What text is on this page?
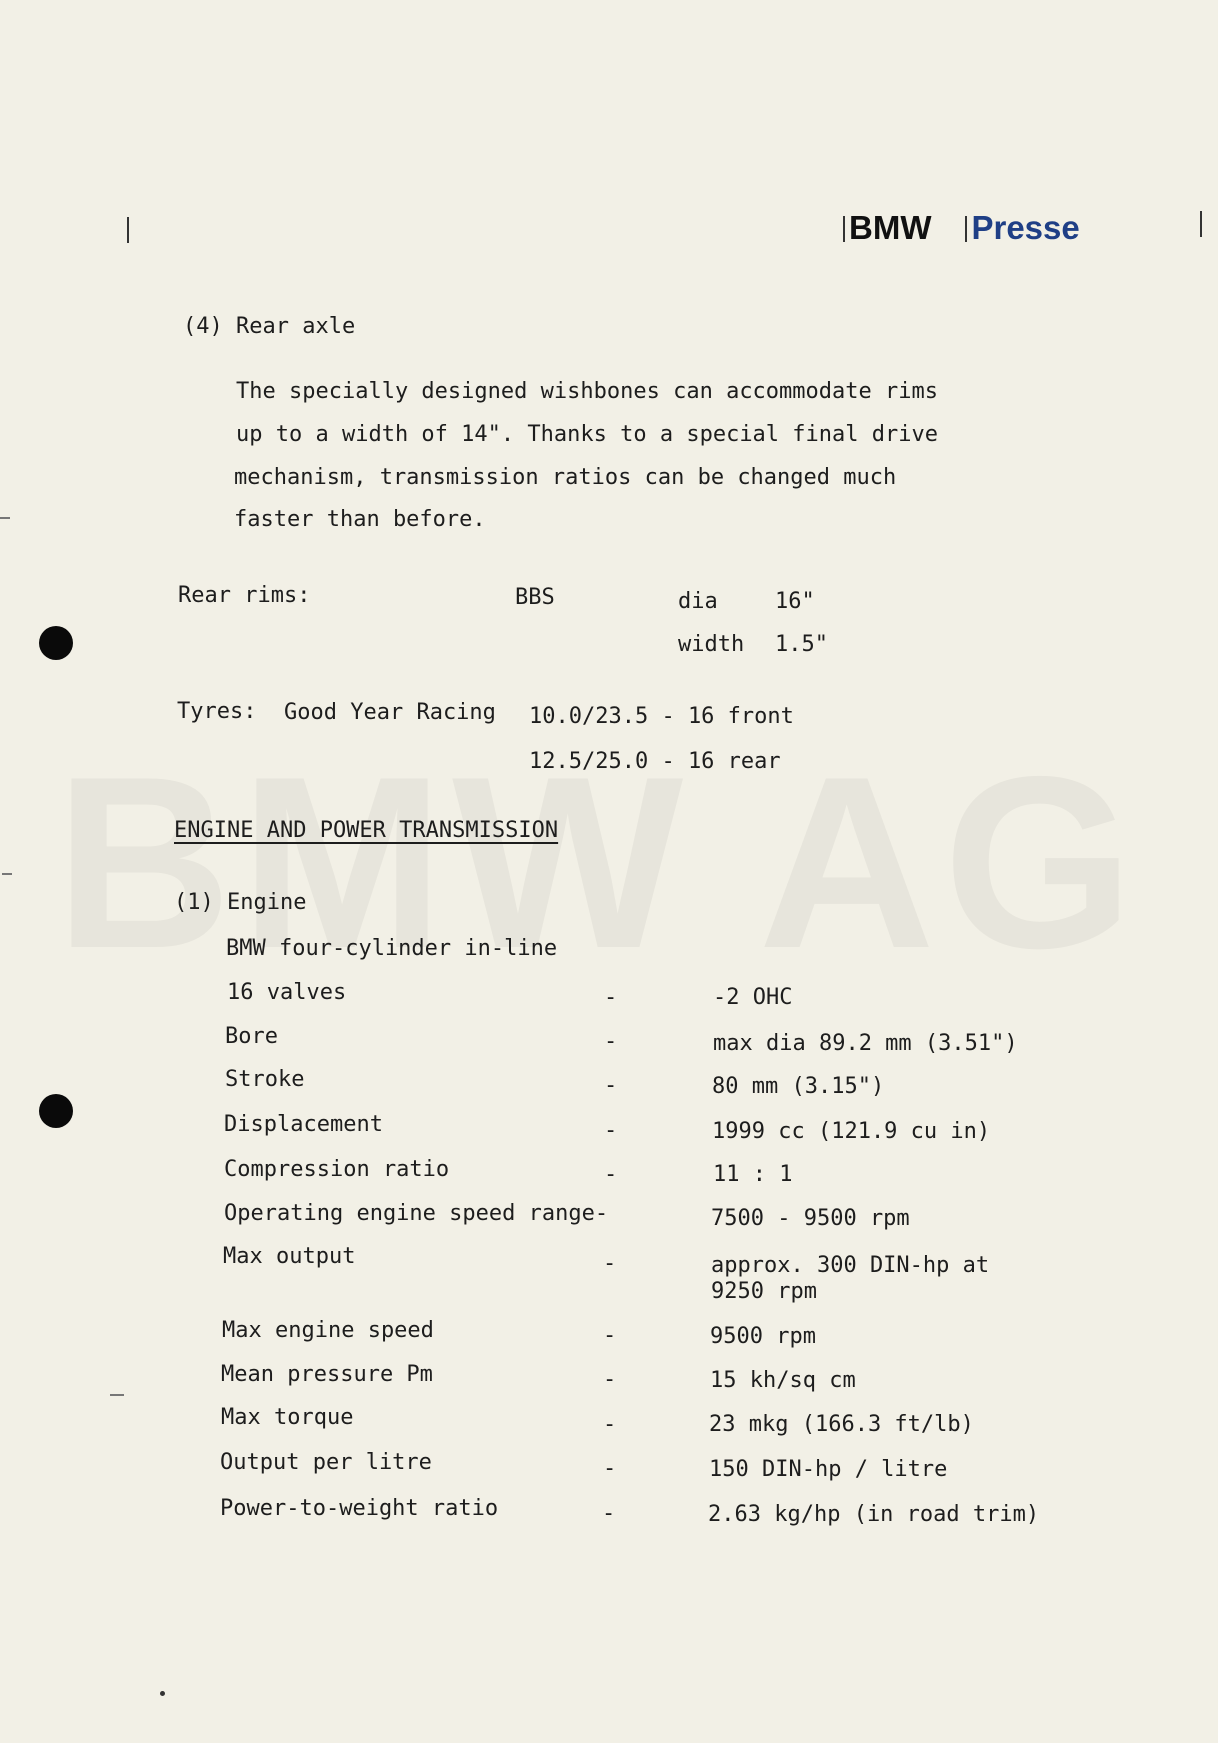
BMW Presse
(4) Rear axle
The specially designed wishbones can accommodate rims
up to a width of 14". Thanks to a special final drive
mechanism, transmission ratios can be changed much
faster than before.
Rear rims:	BBS	dia	16"
width 1.5"
Tyres: Good Year Racing 10.0/23.5 - 16 front
12.5/25.0 - 16 rear
ENGINE AND POWER TRANSMISSION
(1) Engine
BMW four-cylinder in-line
16 valves	-	-2 OHC
Bore	-	max dia 89.2 mm (3.51")
Stroke	-	80 mm (3.15")
Displacement	-	1999 cc (121.9 cu in)
Compression ratio	-	11 : 1
Operating engine speed range-	7500 - 9500 rpm
Max output	-	approx. 300 DIN-hp at
9250 rpm
Max engine speed	-	9500 rpm
Mean pressure Pm	-	15 kh/sq cm
Max torque	-	23 mkg (166.3 ft/lb)
Output per litre	-	150 DIN-hp / litre
Power-to-weight ratio	-	2.63 kg/hp (in road trim)
